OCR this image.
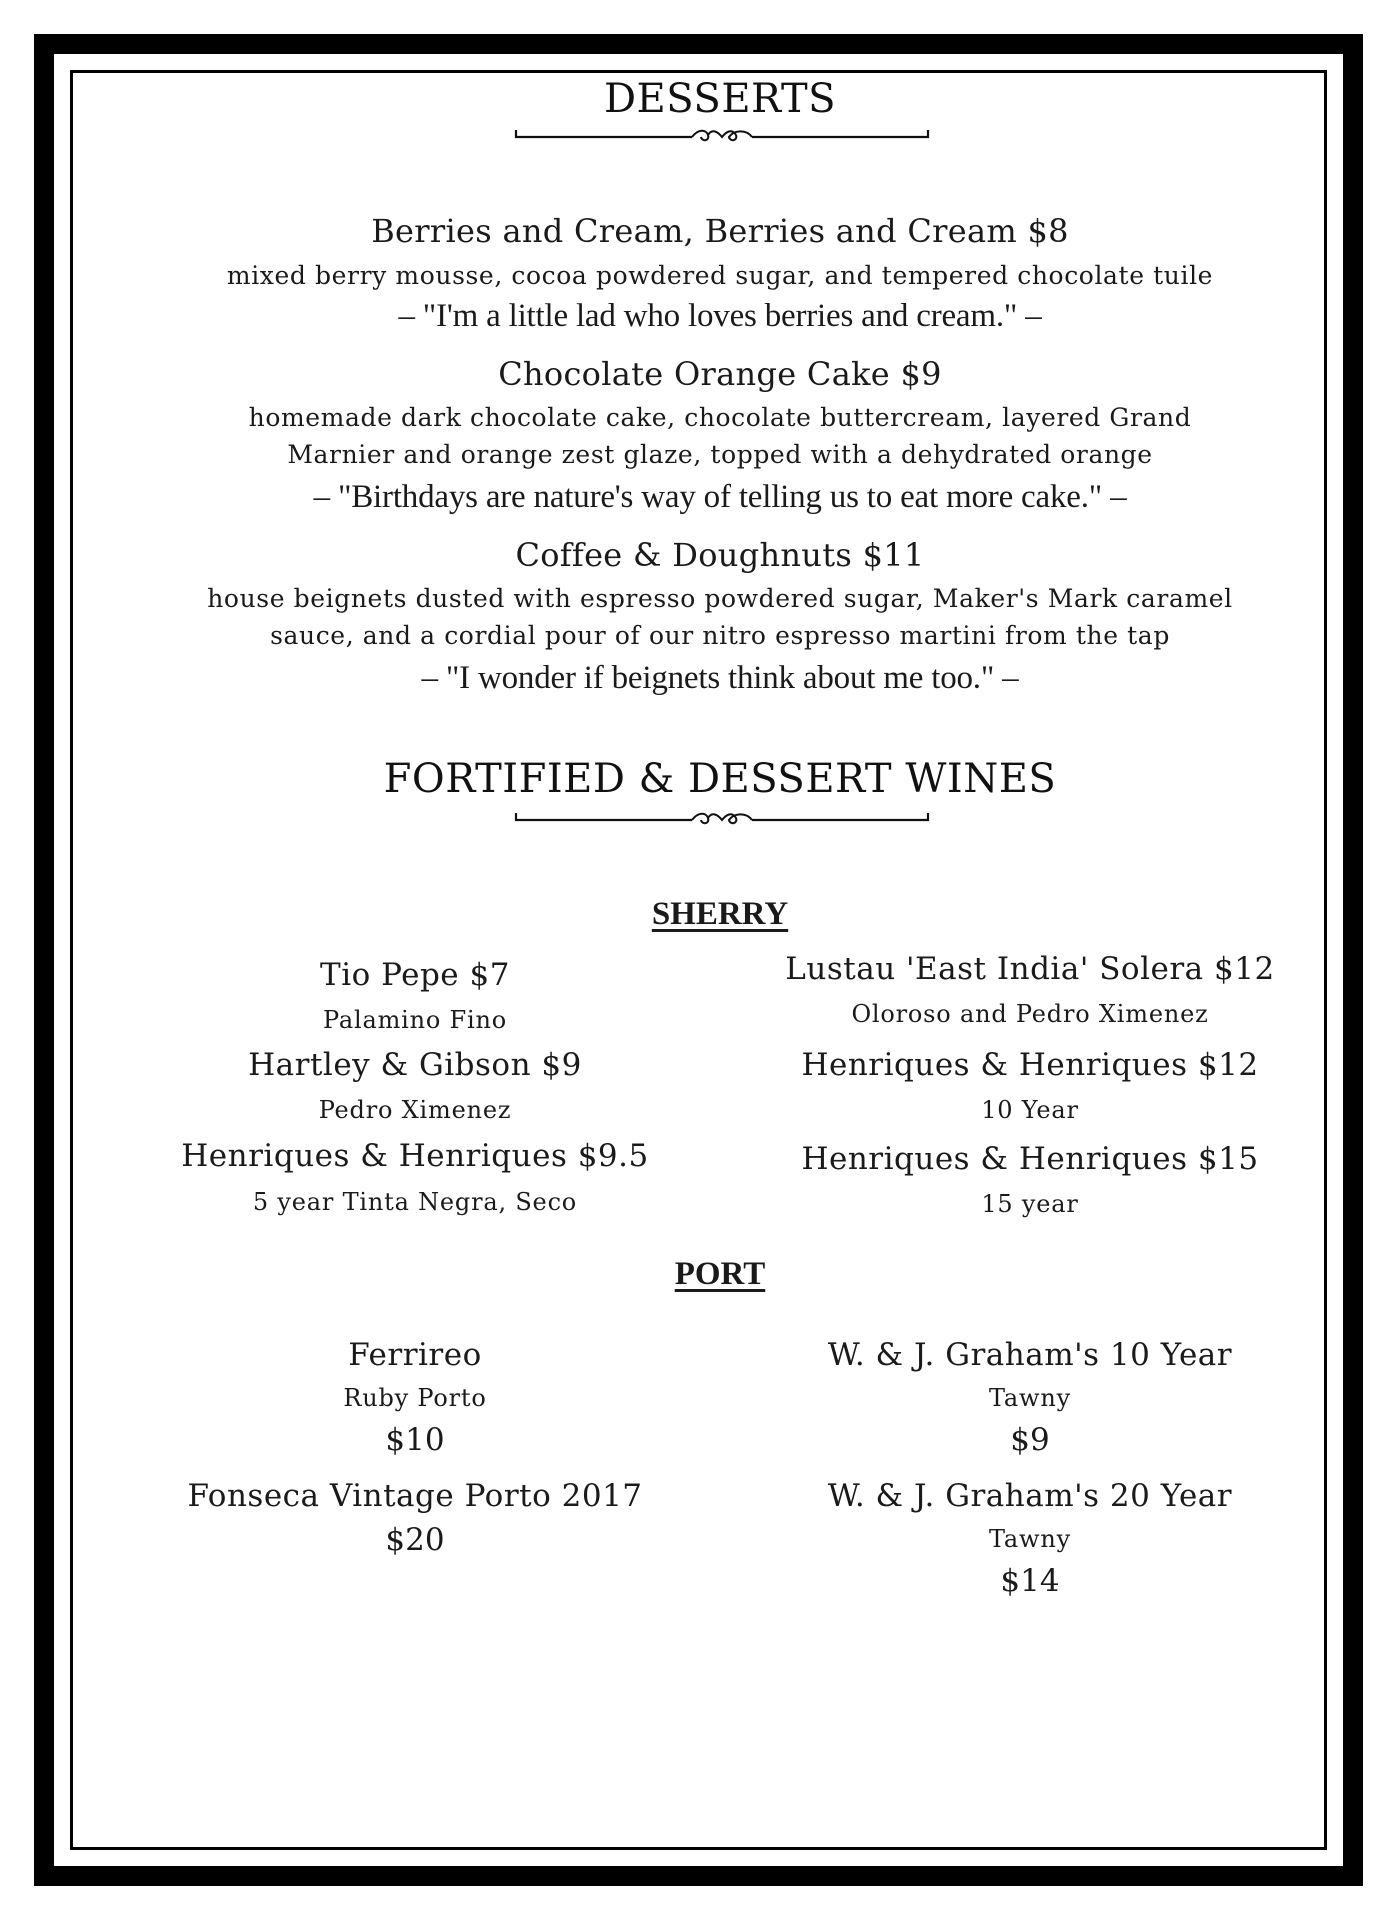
DESSERTS
Berries and Cream, Berries and Cream $8
mixed berry mousse, cocoa powdered sugar, and tempered chocolate tuile
– "I'm a little lad who loves berries and cream." –
Chocolate Orange Cake $9
homemade dark chocolate cake, chocolate buttercream, layered Grand
Marnier and orange zest glaze, topped with a dehydrated orange
– "Birthdays are nature's way of telling us to eat more cake." –
Coffee & Doughnuts $11
house beignets dusted with espresso powdered sugar, Maker's Mark caramel
sauce, and a cordial pour of our nitro espresso martini from the tap
– "I wonder if beignets think about me too." –
FORTIFIED & DESSERT WINES
SHERRY
Tio Pepe $7
Palamino Fino
Hartley & Gibson $9
Pedro Ximenez
Henriques & Henriques $9.5
5 year Tinta Negra, Seco
Lustau 'East India' Solera $12
Oloroso and Pedro Ximenez
Henriques & Henriques $12
10 Year
Henriques & Henriques $15
15 year
PORT
Ferrireo
Ruby Porto
$10
Fonseca Vintage Porto 2017
$20
W. & J. Graham's 10 Year
Tawny
$9
W. & J. Graham's 20 Year
Tawny
$14
